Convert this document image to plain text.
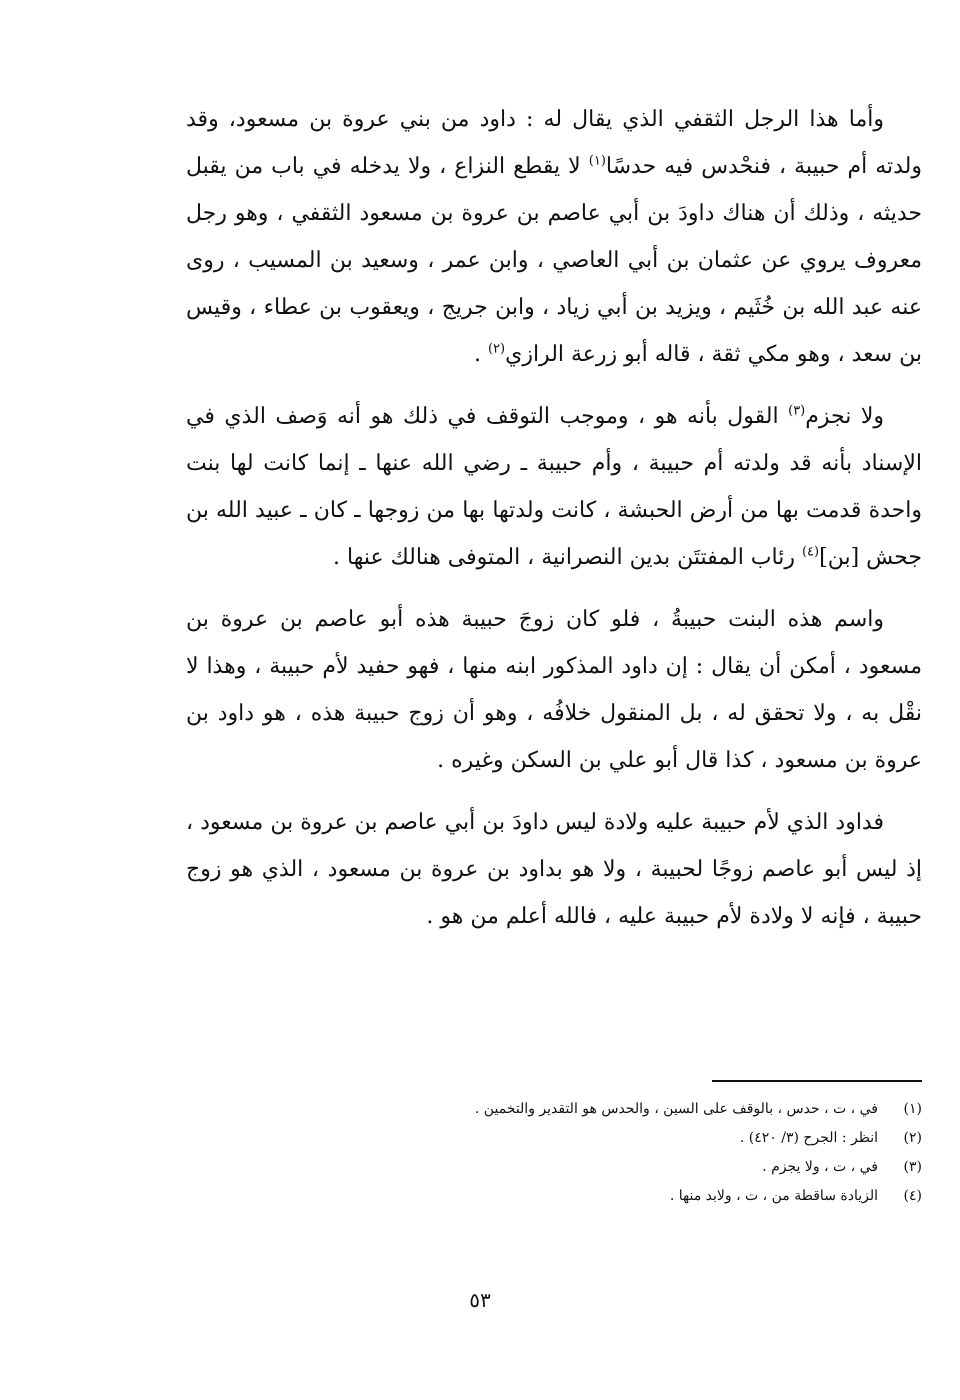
وأما هذا الرجل الثقفي الذي يقال له : داود من بني عروة بن مسعود، وقد ولدته أم حبيبة ، فنحْدس فيه حدسًا$^{(١)}$ لا يقطع النزاع ، ولا يدخله في باب من يقبل حديثه ، وذلك أن هناك داودَ بن أبي عاصم بن عروة بن مسعود الثقفي ، وهو رجل معروف يروي عن عثمان بن أبي العاصي ، وابن عمر ، وسعيد بن المسيب ، روى عنه عبد الله بن خُثَيم ، ويزيد بن أبي زياد ، وابن جريج ، ويعقوب بن عطاء ، وقيس بن سعد ، وهو مكي ثقة ، قاله أبو زرعة الرازي$^{(٢)}$ .

ولا نجزم$^{(٣)}$ القول بأنه هو ، وموجب التوقف في ذلك هو أنه وَصف الذي في الإسناد بأنه قد ولدته أم حبيبة ، وأم حبيبة ـ رضي الله عنها ـ إنما كانت لها بنت واحدة قدمت بها من أرض الحبشة ، كانت ولدتها بها من زوجها ـ كان ـ عبيد الله بن جحش [بن]$^{(٤)}$ رئاب المفتتَن بدين النصرانية ، المتوفى هنالك عنها .

واسم هذه البنت حبيبةُ ، فلو كان زوجَ حبيبة هذه أبو عاصم بن عروة بن مسعود ، أمكن أن يقال : إن داود المذكور ابنه منها ، فهو حفيد لأم حبيبة ، وهذا لا نقْل به ، ولا تحقق له ، بل المنقول خلافُه ، وهو أن زوج حبيبة هذه ، هو داود بن عروة بن مسعود ، كذا قال أبو علي بن السكن وغيره .

فداود الذي لأم حبيبة عليه ولادة ليس داودَ بن أبي عاصم بن عروة بن مسعود ، إذ ليس أبو عاصم زوجًا لحبيبة ، ولا هو بداود بن عروة بن مسعود ، الذي هو زوج حبيبة ، فإنه لا ولادة لأم حبيبة عليه ، فالله أعلم من هو .

(١)
في ، ت ، حدس ، بالوقف على السين ، والحدس هو التقدير والتخمين .
(٢)
انظر : الجرح (٣/ ٤٢٠) .
(٣)
في ، ت ، ولا يجزم .
(٤)
الزيادة ساقطة من ، ت ، ولابد منها .
٥٣
